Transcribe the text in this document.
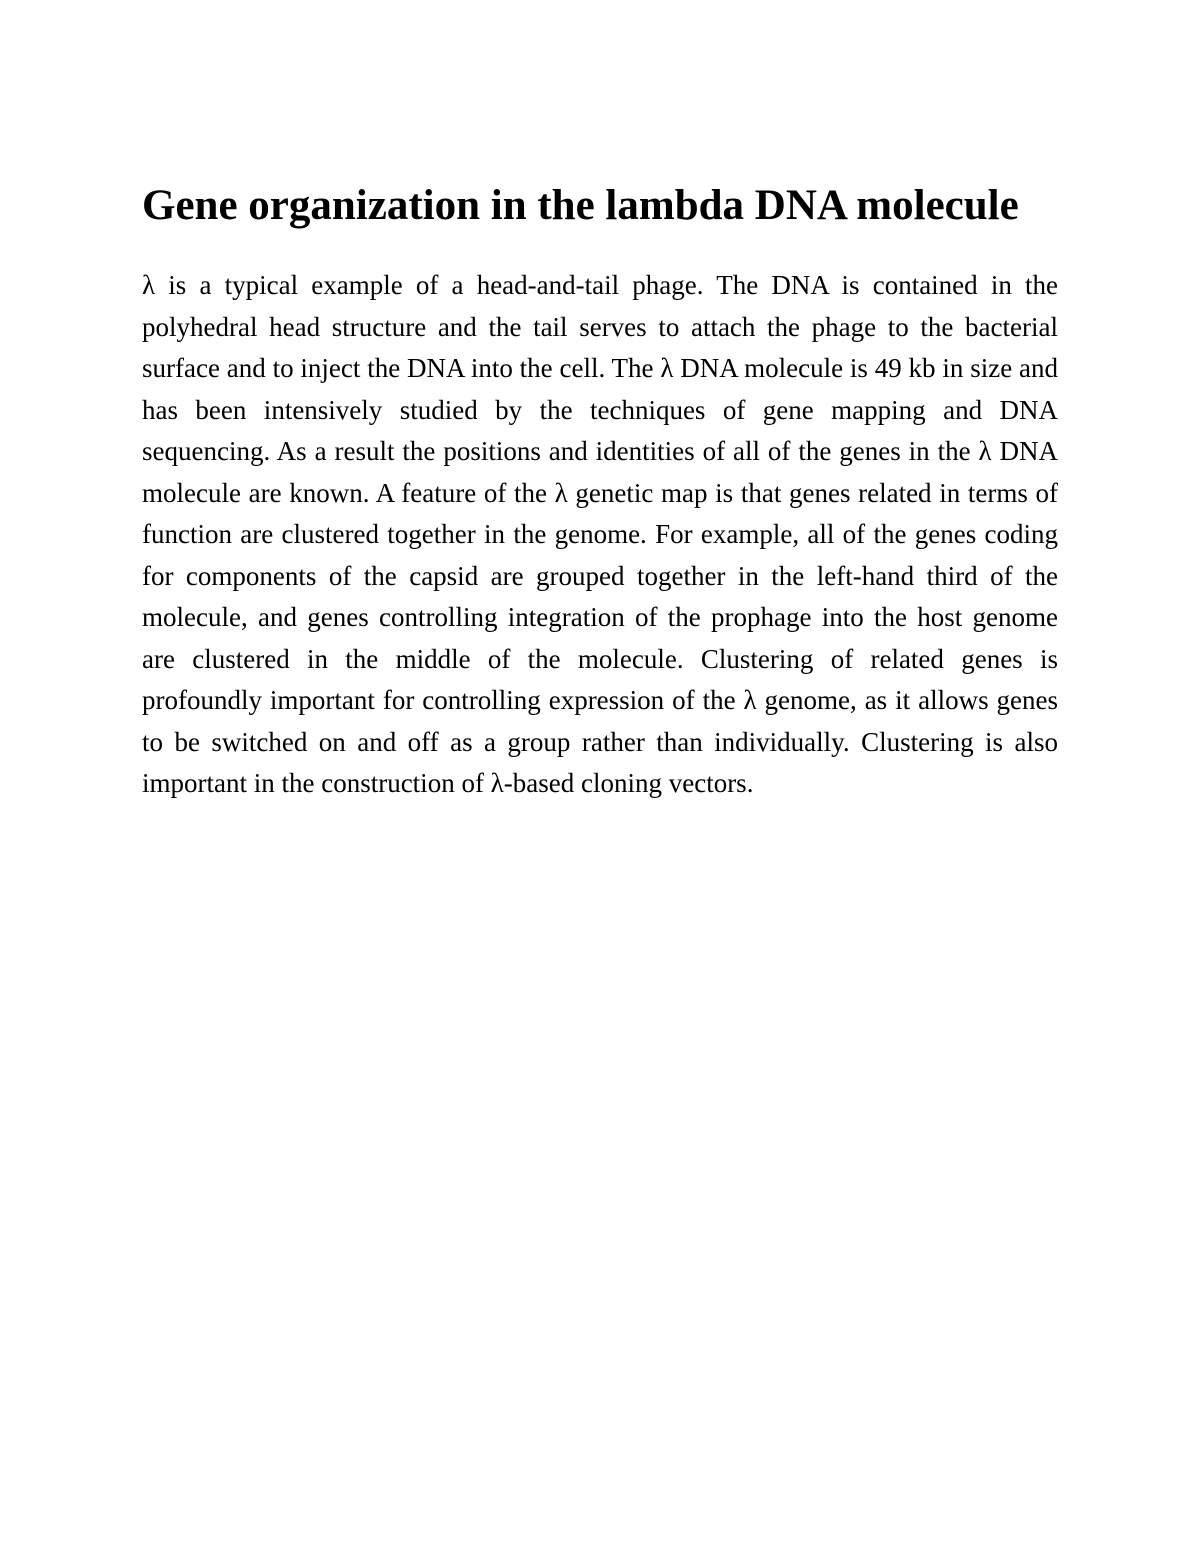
Gene organization in the lambda DNA molecule

λ is a typical example of a head-and-tail phage. The DNA is contained in the polyhedral head structure and the tail serves to attach the phage to the bacterial surface and to inject the DNA into the cell. The λ DNA molecule is 49 kb in size and has been intensively studied by the techniques of gene mapping and DNA sequencing. As a result the positions and identities of all of the genes in the λ DNA molecule are known. A feature of the λ genetic map is that genes related in terms of function are clustered together in the genome. For example, all of the genes coding for components of the capsid are grouped together in the left-hand third of the molecule, and genes controlling integration of the prophage into the host genome are clustered in the middle of the molecule. Clustering of related genes is profoundly important for controlling expression of the λ genome, as it allows genes to be switched on and off as a group rather than individually. Clustering is also important in the construction of λ-based cloning vectors.
